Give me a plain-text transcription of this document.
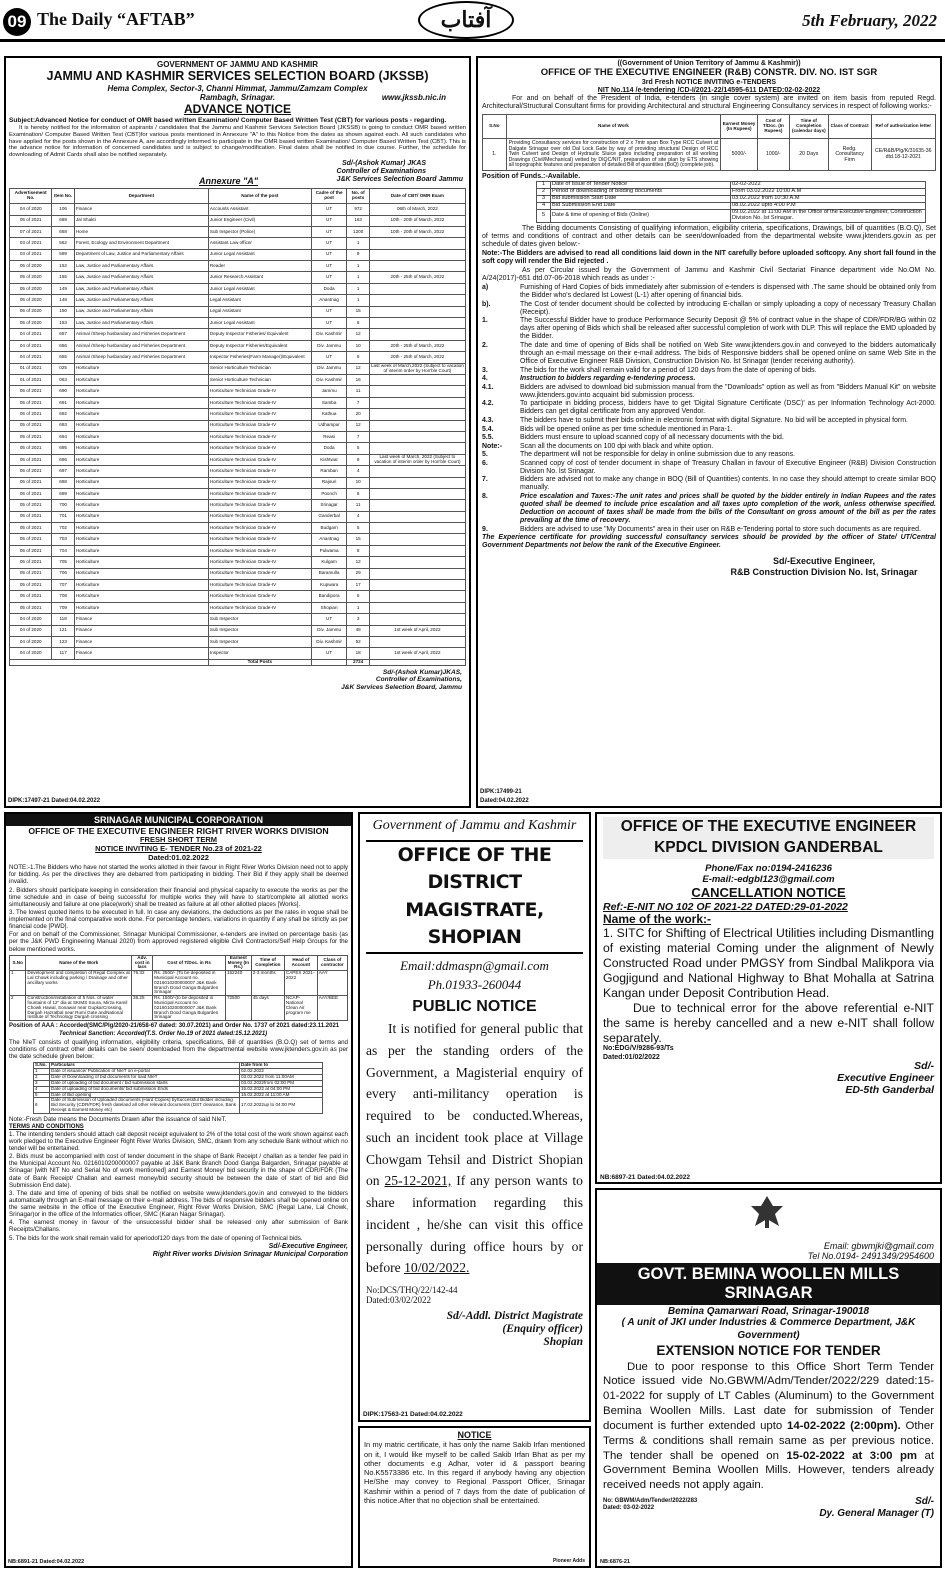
09 The Daily “AFTAB”	آفتاب	5th February, 2022
GOVERNMENT OF JAMMU AND KASHMIR
JAMMU AND KASHMIR SERVICES SELECTION BOARD (JKSSB)
Hema Complex, Sector-3, Channi Himmat, Jammu/Zamzam Complex
Rambagh, Srinagar.	www.jkssb.nic.in
ADVANCE NOTICE

Subject:Advanced Notice for conduct of OMR based written Examination/ Computer Based Written Test (CBT) for various posts - regarding.

It is hereby notified for the information of aspirants / candidates that the Jammu and Kashmir Services Selection Board (JKSSB) is going to conduct OMR based written Examination/ Computer Based Written Test (CBT)for various posts mentioned in Annexure "A" to this Notice from the dates as shown against each. All such candidates who have applied for the posts shown in the Annexure A, are accordingly informed to participate in the OMR based written Examination/ Computer Based Written Test (CBT). This is the advance notice for information of concerned candidates and is subject to change/modification. Final dates shall be notified in due course. Further, the schedule for downloading of Admit Cards shall also be notified separately.

Sd/-(Ashok Kumar) JKAS
Controller of Examinations
Annexure "A"	J&K Services Selection Board Jammu
Advertisement No.	Item No.	Department	Name of the post	Cadre of the post	No. of posts	Date of CBT/ OMR Exam
04 of 2020	106	Finance	Accounts Assistant	UT	972	06th of March, 2022
05 of 2021	689	Jal Shakti	Junior Engineer (Civil)	UT	163	10th - 20th of March, 2022
07 of 2021	668	Home	Sub Inspector (Police)	UT	1200	10th - 20th of March, 2022
03 of 2021	562	Forest, Ecology and Environment Department	Assistant Law officer	UT	1	
03 of 2021	599	Department of Law, Justice and Parliamentary Affairs	Junior Legal Assistant	UT	9	
05 of 2020	152	Law, Justice and Parliamentary Affairs	Reader	UT	1	
05 of 2020	155	Law, Justice and Parliamentary Affairs	Junior Research Assistant	UT	1	20th - 25th of March, 2022
05 of 2020	149	Law, Justice and Parliamentary Affairs	Junior Legal Assistant	Doda	1	
05 of 2020	148	Law, Justice and Parliamentary Affairs	Legal Assistant	Anantnag	1	
05 of 2020	150	Law, Justice and Parliamentary Affairs	Legal Assistant	UT	15	
05 of 2020	153	Law, Justice and Parliamentary Affairs	Junior Legal Assistant	UT	6	
04 of 2021	657	Animal /Sheep husbandary and Fisheries Department	Deputy Inspector Fisheries/ Equivalent	Div. Kashmir	12	
04 of 2021	656	Animal /Sheep husbandary and Fisheries Department	Deputy Inspector Fisheries/Equivalent	Div. Jammu	10	20th - 25th of March, 2022
04 of 2021	655	Animal /Sheep husbandary and Fisheries Department	Inspector Fisheries(Farm Manager)/Equivalent	UT	6	20th - 25th of March, 2022
01 of 2021	025	Horticulture	Senior Horticulture Technician	Div. Jammu	12	Last week of March,2022 (Subject to vacation of interim order by Hon'ble Court)
01 of 2021	063	Horticulture	Senior Horticulture Technician	Div. Kashmir	16	
05 of 2021	690	Horticulture	Horticulture Technician Grade-IV	Jammu	11	
05 of 2021	691	Horticulture	Horticulture Technician Grade-IV	Samba	7	
05 of 2021	692	Horticulture	Horticulture Technician Grade-IV	Kathua	20	
05 of 2021	693	Horticulture	Horticulture Technician Grade-IV	Udhampur	12	
05 of 2021	694	Horticulture	Horticulture Technician Grade-IV	Reasi	7	
05 of 2021	695	Horticulture	Horticulture Technician Grade-IV	Doda	5	
05 of 2021	696	Horticulture	Horticulture Technician Grade-IV	Kishtwar	9	Last week of March, 2022 (Subject to vacation of interim order by Hon'ble Court)
05 of 2021	697	Horticulture	Horticulture Technician Grade-IV	Ramban	4	
05 of 2021	698	Horticulture	Horticulture Technician Grade-IV	Rajouri	10	
05 of 2021	699	Horticulture	Horticulture Technician Grade-IV	Poonch	6	
05 of 2021	700	Horticulture	Horticulture Technician Grade-IV	Srinagar	11	
05 of 2021	701	Horticulture	Horticulture Technician Grade-IV	Ganderbal	4	
05 of 2021	702	Horticulture	Horticulture Technician Grade-IV	Budgam	5	
05 of 2021	703	Horticulture	Horticulture Technician Grade-IV	Anantnag	15	
05 of 2021	704	Horticulture	Horticulture Technician Grade-IV	Pulwama	8	
05 of 2021	705	Horticulture	Horticulture Technician Grade-IV	Kulgam	12	
05 of 2021	706	Horticulture	Horticulture Technician Grade-IV	Baramulla	29	
05 of 2021	707	Horticulture	Horticulture Technician Grade-IV	Kupwara	17	
05 of 2021	708	Horticulture	Horticulture Technician Grade-IV	Bandipora	5	
05 of 2021	709	Horticulture	Horticulture Technician Grade-IV	Shopian	1	
04 of 2020	118	Finance	Sub Inspector	UT	3	
04 of 2020	121	Finance	Sub Inspector	Div. Jammu	48	1st week of April, 2022
04 of 2020	123	Finance	Sub Inspector	Div. Kashmir	52	
04 of 2020	117	Finance	Inspector	UT	18	1st week of April, 2022
			Total Posts		2724	
Sd/-(Ashok Kumar)JKAS,
Controller of Examinations,
J&K Services Selection Board, Jammu
DIPK:17497-21 Dated:04.02.2022
((Government of Union Territory of Jammu & Kashmir))
OFFICE OF THE EXECUTIVE ENGINEER (R&B) CONSTR. DIV. NO. IST SGR
3rd Fresh NOTICE INVITING e-TENDERS
NIT No.114 /e-tendering /CD-I/2021-22/14595-611 DATED:02-02-2022

For and on behalf of the President of India, e-tenders (in single cover system) are invited on item basis from reputed Regd. Architectural/Structural Consultant firms for providing Architectural and structural Engineering Consultancy services in respect of following works:-

S.No	Name of Work	Earnest Money (In Rupees)	Cost of T/Doc. (In Rupees)	Time of Completion (calendar days)	Class of Contract	Ref of authorization letter
1.	Providing Consultancy services for construction of 2 x 7mtr span Box Type RCC Culvert at Dalgate Srinagar over old Dal Lock Gate by way of providing structural Design of RCC Twin Culvert and Design of Hydraulic Sluice gates including preparation of all working Drawings (Civil/Mechanical) vetted by DIQC/NIT, preparation of site plan by ETS showing all topographic features and preparation of detailed Bill of quantities (BoQ) (complete job).	5000/-	1000/-	20 Days	Redg. Consultancy Firm	CE/R&B/Plg/K/31635-36 dtd.18-12-2021
Position of Funds.:-Available.
1	Date of Issue of Tender Notice	02-02-2022
2	Period of downloading of bidding documents	From 03.02.2022 10:00 A.M
3	Bid submission Start Date	03.02.2022 from 10:30 A.M
4	Bid Submission End Date	08.02.2022 upto 4:00 P.M
5	Date & time of opening of Bids (Online)	09.02.2022 at 11:00 AM in the Office of the Executive Engineer, Construction Division No. Ist Srinagar.

The Bidding documents Consisting of qualifying information, eligibility criteria, specifications, Drawings, bill of quantities (B.O.Q), Set of terms and conditions of contract and other details can be seen/downloaded from the departmental website www.jktenders.gov.in as per schedule of dates given below:-

Note:-The Bidders are advised to read all conditions laid down in the NIT carefully before uploaded softcopy. Any short fall found in the soft copy will render the Bid rejected .

As per Circular issued by the Government of Jammu and Kashmir Civil Sectariat Finance department vide No.OM No. A/24(2017)-651 dtd.07-06-2018 which reads as under :-

a)	Furnishing of Hard Copies of bids immediately after submission of e-tenders is dispensed with .The same should be obtained only from the Bidder who's declared lst Lowest (L-1) after opening of financial bids.
b).	The Cost of tender document should be collected by introducing E-challan or simply uploading a copy of necessary Treasury Challan (Receipt).
1.	The Successful Bidder have to produce Performance Security Deposit @ 5% of contract value in the shape of CDR/FDR/BG within 02 days after opening of Bids which shall be released after successful completion of work with DLP. This will replace the EMD uploaded by the Bidder.
2.	The date and time of opening of Bids shall be notified on Web Site www.jktenders.gov.in and conveyed to the bidders automatically through an e-mail message on their e-mail address. The bids of Responsive bidders shall be opened online on same Web Site in the Office of Executive Engineer R&B Division, Construction Division No. lst Srinagar (tender receiving authority).
3.	The bids for the work shall remain valid for a period of 120 days from the date of opening of bids.
4.	Instruction to bidders regarding e-tendering process.
4.1.	Bidders are advised to download bid submission manual from the "Downloads" option as well as from "Bidders Manual Kit" on website www.jktenders.gov.into acquaint bid submission process.
4.2.	To participate in bidding process, bidders have to get 'Digital Signature Certificate (DSC)' as per Information Technology Act-2000. Bidders can get digital certificate from any approved Vendor.
4.3.	The bidders have to submit their bids online in electronic format with digital Signature. No bid will be accepted in physical form.
5.4.	Bids will be opened online as per time schedule mentioned in Para-1.
5.5.	Bidders must ensure to upload scanned copy of all necessary documents with the bid.
Note:-	Scan all the documents on 100 dpi with black and white option.
5.	The department will not be responsible for delay in online submission due to any reasons.
6.	Scanned copy of cost of tender document in shape of Treasury Challan in favour of Executive Engineer (R&B) Division Construction Division No. lst Srinagar.
7.	Bidders are advised not to make any change in BOQ (Bill of Quantities) contents. In no case they should attempt to create similar BOQ manually.
8.	Price escalation and Taxes:-The unit rates and prices shall be quoted by the bidder entirely in Indian Rupees and the rates quoted shall be deemed to include price escalation and all taxes upto completion of the work, unless otherwise specified. Deduction on account of taxes shall be made from the bills of the Consultant on gross amount of the bill as per the rates prevailing at the time of recovery.
9.	Bidders are advised to use "My Documents" area in their user on R&B e-Tendering portal to store such documents as are required.

The Experience certificate for providing successful consultancy services should be provided by the officer of State/ UT/Central Government Departments not below the rank of the Executive Engineer.

Sd/-Executive Engineer,
R&B Construction Division No. Ist, Srinagar
DIPK:17499-21
Dated:04.02.2022
SRINAGAR MUNICIPAL CORPORATION
OFFICE OF THE EXECUTIVE ENGINEER RIGHT RIVER WORKS DIVISION
FRESH SHORT TERM
NOTICE INVITING E- TENDER No.23 of 2021-22
Dated:01.02.2022

NOTE:-1.The Bidders who have not started the works allotted in their favour in Right River Works Division need not to apply for bidding. As per the directives they are debarred from participating in bidding. Their Bid if they apply shall be deemed invalid.

2. Bidders should participate keeping in consideration their financial and physical capacity to execute the works as per the time schedule and in case of being successful for multiple works they will have to start/complete all allotted works simultaneously and failure at one place(work) shall be treated as failure at all other allotted places [Works].

3. The lowest quoted items to be executed in full. In case any deviations, the deductions as per the rates in vogue shall be implemented on the final comparative work done. For percentage tenders, variations in quantity if any shall be strictly as per financial code [PWD].

For and on behalf of the Commissioner, Srinagar Municipal Commissioner, e-tenders are invited on percentage basis (as per the J&K PWD Engineering Manual 2020) from approved registered eligible Civil Contractors/Self Help Groups for the below mentioned works.

S.No	Name of the Work	Adv. cost in lacs	Cost of T/Doc. in Rs	Earnest Money (In Rs.)	Time of Completion	Head of Account	Class of contractor
1	Development and completion of Regal Complex at Lal Chowk including parking / Drainage and other ancillary works	76.32	Rs. 2500/- (To be deposited in Municipal Account no. 0216010200000007 J&K Bank Branch Dood Ganga Bulgarden Srinagar	152240	2-3 months	CAPEX 2021-2022	AAY
2	Construction/installation of 5 Nos. of water fountains of 12" dia at SKIMS Soura, Mirza Kamil Chowk Hawal, Sonawar near GupkarCrossing, Dargah Hazratbal near Rumi Gate andNational Institute of Technology Dargah crossing	36.25	Rs. 1500/-(to be deposited in Municipal Account no 0216010200000007 J&K Bank Branch Dood Ganga Bulgarden Srinagar	72500	45 days	NCAP-National Clean Air program me	AAY/BEE

Position of AAA : Accorded(SMC/Plg/2020-21/658-67 dated: 30.07.2021) and Order No. 1737 of 2021 dated:23.11.2021

Technical Sanction: Accorded(T.S. Order No.19 of 2021 dated:15.12.2021)

The NIeT consists of qualifying information, eligibility criteria, specifications, Bill of quantities (B.O.Q) set of terms and conditions of contract other details can be seen/ downloaded from the departmental website www.jktenders.gov.in as per the date schedule given below:

S.No.	Particulars	Date from to
1	Date of issuance/ Publication of NIeT on e-portal	02.02.2022
2	Date of Downloading of bid documents for said NIeT	03.02.2022 from 11:00AM
3	Date of uploading of bid document / bid submission starts	03.02.2022from 02:00 PM
4	Date of uploading of bid documents/ bid submission Ends	15.02.2022 at 04:00 PM
5	Date of Bid opening	16.02.2022 at 11:00 AM
6	Date of Submission of Uploaded documents (Hard Copies) bySuccessful Bidder including Bid Security (CDR/FDR) fresh dateland all other relevant documents (DST clearance, Bank Receipt & Earnest Money etc)	17.02.2022up to 04:00 PM

Note:-Fresh Date means the Documents Drawn after the issuance of said NIeT.

TERMS AND CONDITIONS

1. The intending tenders should attach call deposit receipt equivalent to 2% of the total cost of the work shown against each work pledged to the Executive Engineer Right River Works Division, SMC, drawn from any schedule Bank without which no tender will be entertained.

2. Bids must be accompanied with cost of tender document in the shape of Bank Receipt / challan as a tender fee paid in the Municipal Account No. 0216010200000007 payable at J&K Bank Branch Dood Ganga Balgarden, Srinagar payable at Srinagar [with NIT No and Serial No of work mentioned] and Earnest Money/ bid security in the shape of CDR/FDR (The date of Bank Receipt/ Challan and earnest money/bid security should be between the date of start of bid and Bid Submission End date).

3. The date and time of opening of bids shall be notified on website www.jktenders.gov.in and conveyed to the bidders automatically through an E-mail message on their e-mail address. The bids of responsive bidders shall be opened online on the same website in the office of the Executive Engineer, Right River Works Division, SMC (Regal Lane, Lal Chowk, Srinagar)or in the office of the Informatics officer, SMC (Karan Nagar Srinagar).

4. The earnest money in favour of the unsuccessful bidder shall be released only after submission of Bank Receipts/Challans.

5. The bids for the work shall remain valid for aperiodof120 days from the date of opening of Technical bids.

Sd/-Executive Engineer,
Right River works Division Srinagar Municipal Corporation
NB:6891-21 Dated:04.02.2022
Government of Jammu and Kashmir
OFFICE OF THE DISTRICT MAGISTRATE, SHOPIAN
Email:ddmaspn@gmail.com
Ph.01933-260044
PUBLIC NOTICE
It is notified for general public that as per the standing orders of the Government, a Magisterial enquiry of every anti-militancy operation is required to be conducted.Whereas, such an incident took place at Village Chowgam Tehsil and District Shopian on 25-12-2021, If any person wants to share information regarding this incident , he/she can visit this office personally during office hours by or before 10/02/2022.
No:DCS/THQ/22/142-44
Dated:03/02/2022
Sd/-Addl. District Magistrate
(Enquiry officer)
Shopian
DIPK:17563-21 Dated:04.02.2022
NOTICE

In my matric certificate, it has only the name Sakib Irfan mentioned on it, I would like myself to be called Sakib Irfan Bhat as per my other documents e.g Adhar, voter id & passport bearing No.K5573386 etc. In this regard if anybody having any objection He/She may convey to Regional Passport Officer, Srinagar Kashmir within a period of 7 days from the date of publication of this notice.After that no objection shall be entertained.

Pioneer Adds
OFFICE OF THE EXECUTIVE ENGINEER KPDCL DIVISION GANDERBAL
Phone/Fax no:0194-2416236
E-mail:-edgbl123@gmail.com
CANCELLATION NOTICE
Ref:-E-NIT NO 102 OF 2021-22 DATED:29-01-2022
Name of the work:-

1. SITC for Shifting of Electrical Utilities including Dismantling of existing material Coming under the alignment of Newly Constructed Road under PMGSY from Sindbal Malikpora via Gogjigund and National Highway to Bhat Mohalla at Satrina Kangan under Deposit Contribution Head.

Due to technical error for the above referential e-NIT the same is hereby cancelled and a new e-NIT shall follow separately.

No:EDG/V/9286-93/Ts
Dated:01/02/2022
Sd/-
Executive Engineer
ED-5th Ganderbal
NB:6897-21 Dated:04.02.2022
Email: gbwmjki@gmail.com
Tel No.0194- 2491349/2954600
GOVT. BEMINA WOOLLEN MILLS SRINAGAR
Bemina Qamarwari Road, Srinagar-190018
( A unit of JKI under Industries & Commerce Department, J&K Government)
EXTENSION NOTICE FOR TENDER
Due to poor response to this Office Short Term Tender Notice issued vide No.GBWM/Adm/Tender/2022/229 dated:15-01-2022 for supply of LT Cables (Aluminum) to the Government Bemina Woollen Mills. Last date for submission of Tender document is further extended upto 14-02-2022 (2:00pm). Other Terms & conditions shall remain same as per previous notice. The tender shall be opened on 15-02-2022 at 3:00 pm at Government Bemina Woollen Mills. However, tenders already received needs not apply again.
No: GBWM/Adm/Tender/2022/283
Dated: 03-02-2022
Sd/-
Dy. General Manager (T)
NB:6876-21
